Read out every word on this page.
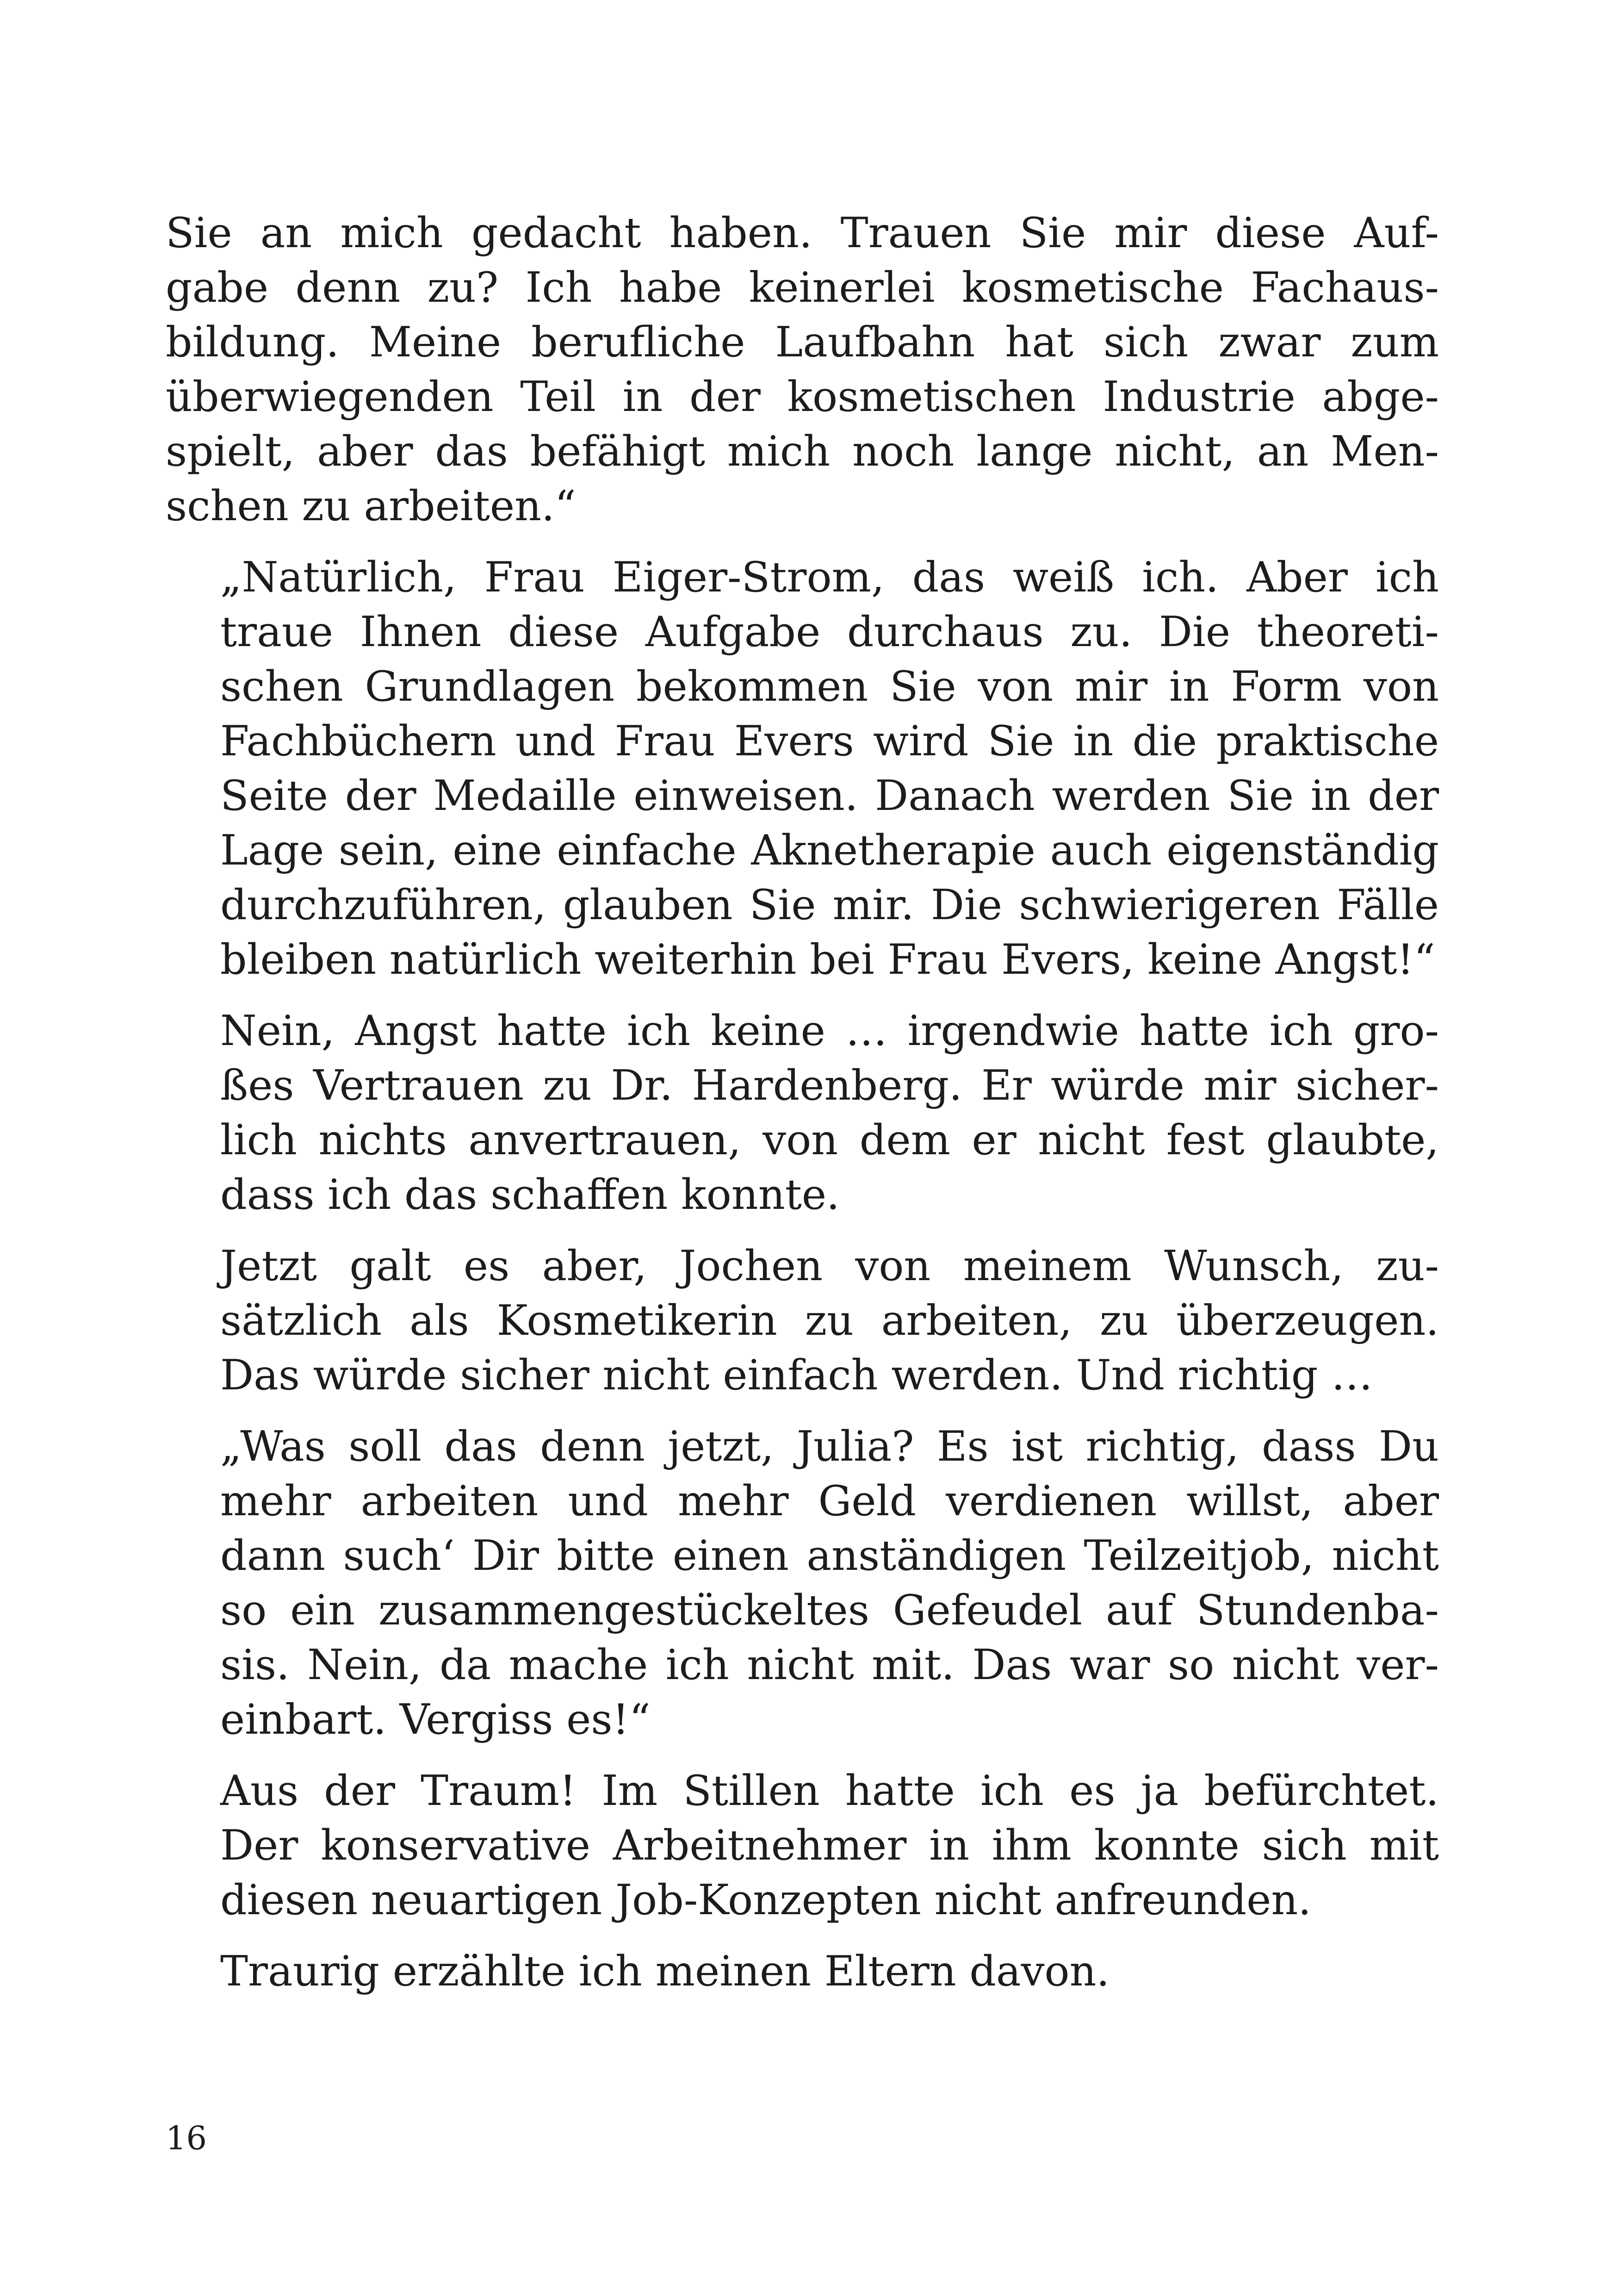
Sie an mich gedacht haben. Trauen Sie mir diese Auf-
gabe denn zu? Ich habe keinerlei kosmetische Fachaus-
bildung. Meine berufliche Laufbahn hat sich zwar zum
überwiegenden Teil in der kosmetischen Industrie abge-
spielt, aber das befähigt mich noch lange nicht, an Men-
schen zu arbeiten.“

„Natürlich, Frau Eiger-Strom, das weiß ich. Aber ich
traue Ihnen diese Aufgabe durchaus zu. Die theoreti-
schen Grundlagen bekommen Sie von mir in Form von
Fachbüchern und Frau Evers wird Sie in die praktische
Seite der Medaille einweisen. Danach werden Sie in der
Lage sein, eine einfache Aknetherapie auch eigenständig
durchzuführen, glauben Sie mir. Die schwierigeren Fälle
bleiben natürlich weiterhin bei Frau Evers, keine Angst!“

Nein, Angst hatte ich keine … irgendwie hatte ich gro-
ßes Vertrauen zu Dr. Hardenberg. Er würde mir sicher-
lich nichts anvertrauen, von dem er nicht fest glaubte,
dass ich das schaffen konnte.

Jetzt galt es aber, Jochen von meinem Wunsch, zu-
sätzlich als Kosmetikerin zu arbeiten, zu überzeugen.
Das würde sicher nicht einfach werden. Und richtig …

„Was soll das denn jetzt, Julia? Es ist richtig, dass Du
mehr arbeiten und mehr Geld verdienen willst, aber
dann such‘ Dir bitte einen anständigen Teilzeitjob, nicht
so ein zusammengestückeltes Gefeudel auf Stundenba-
sis. Nein, da mache ich nicht mit. Das war so nicht ver-
einbart. Vergiss es!“

Aus der Traum! Im Stillen hatte ich es ja befürchtet.
Der konservative Arbeitnehmer in ihm konnte sich mit
diesen neuartigen Job-Konzepten nicht anfreunden.

Traurig erzählte ich meinen Eltern davon.

16
